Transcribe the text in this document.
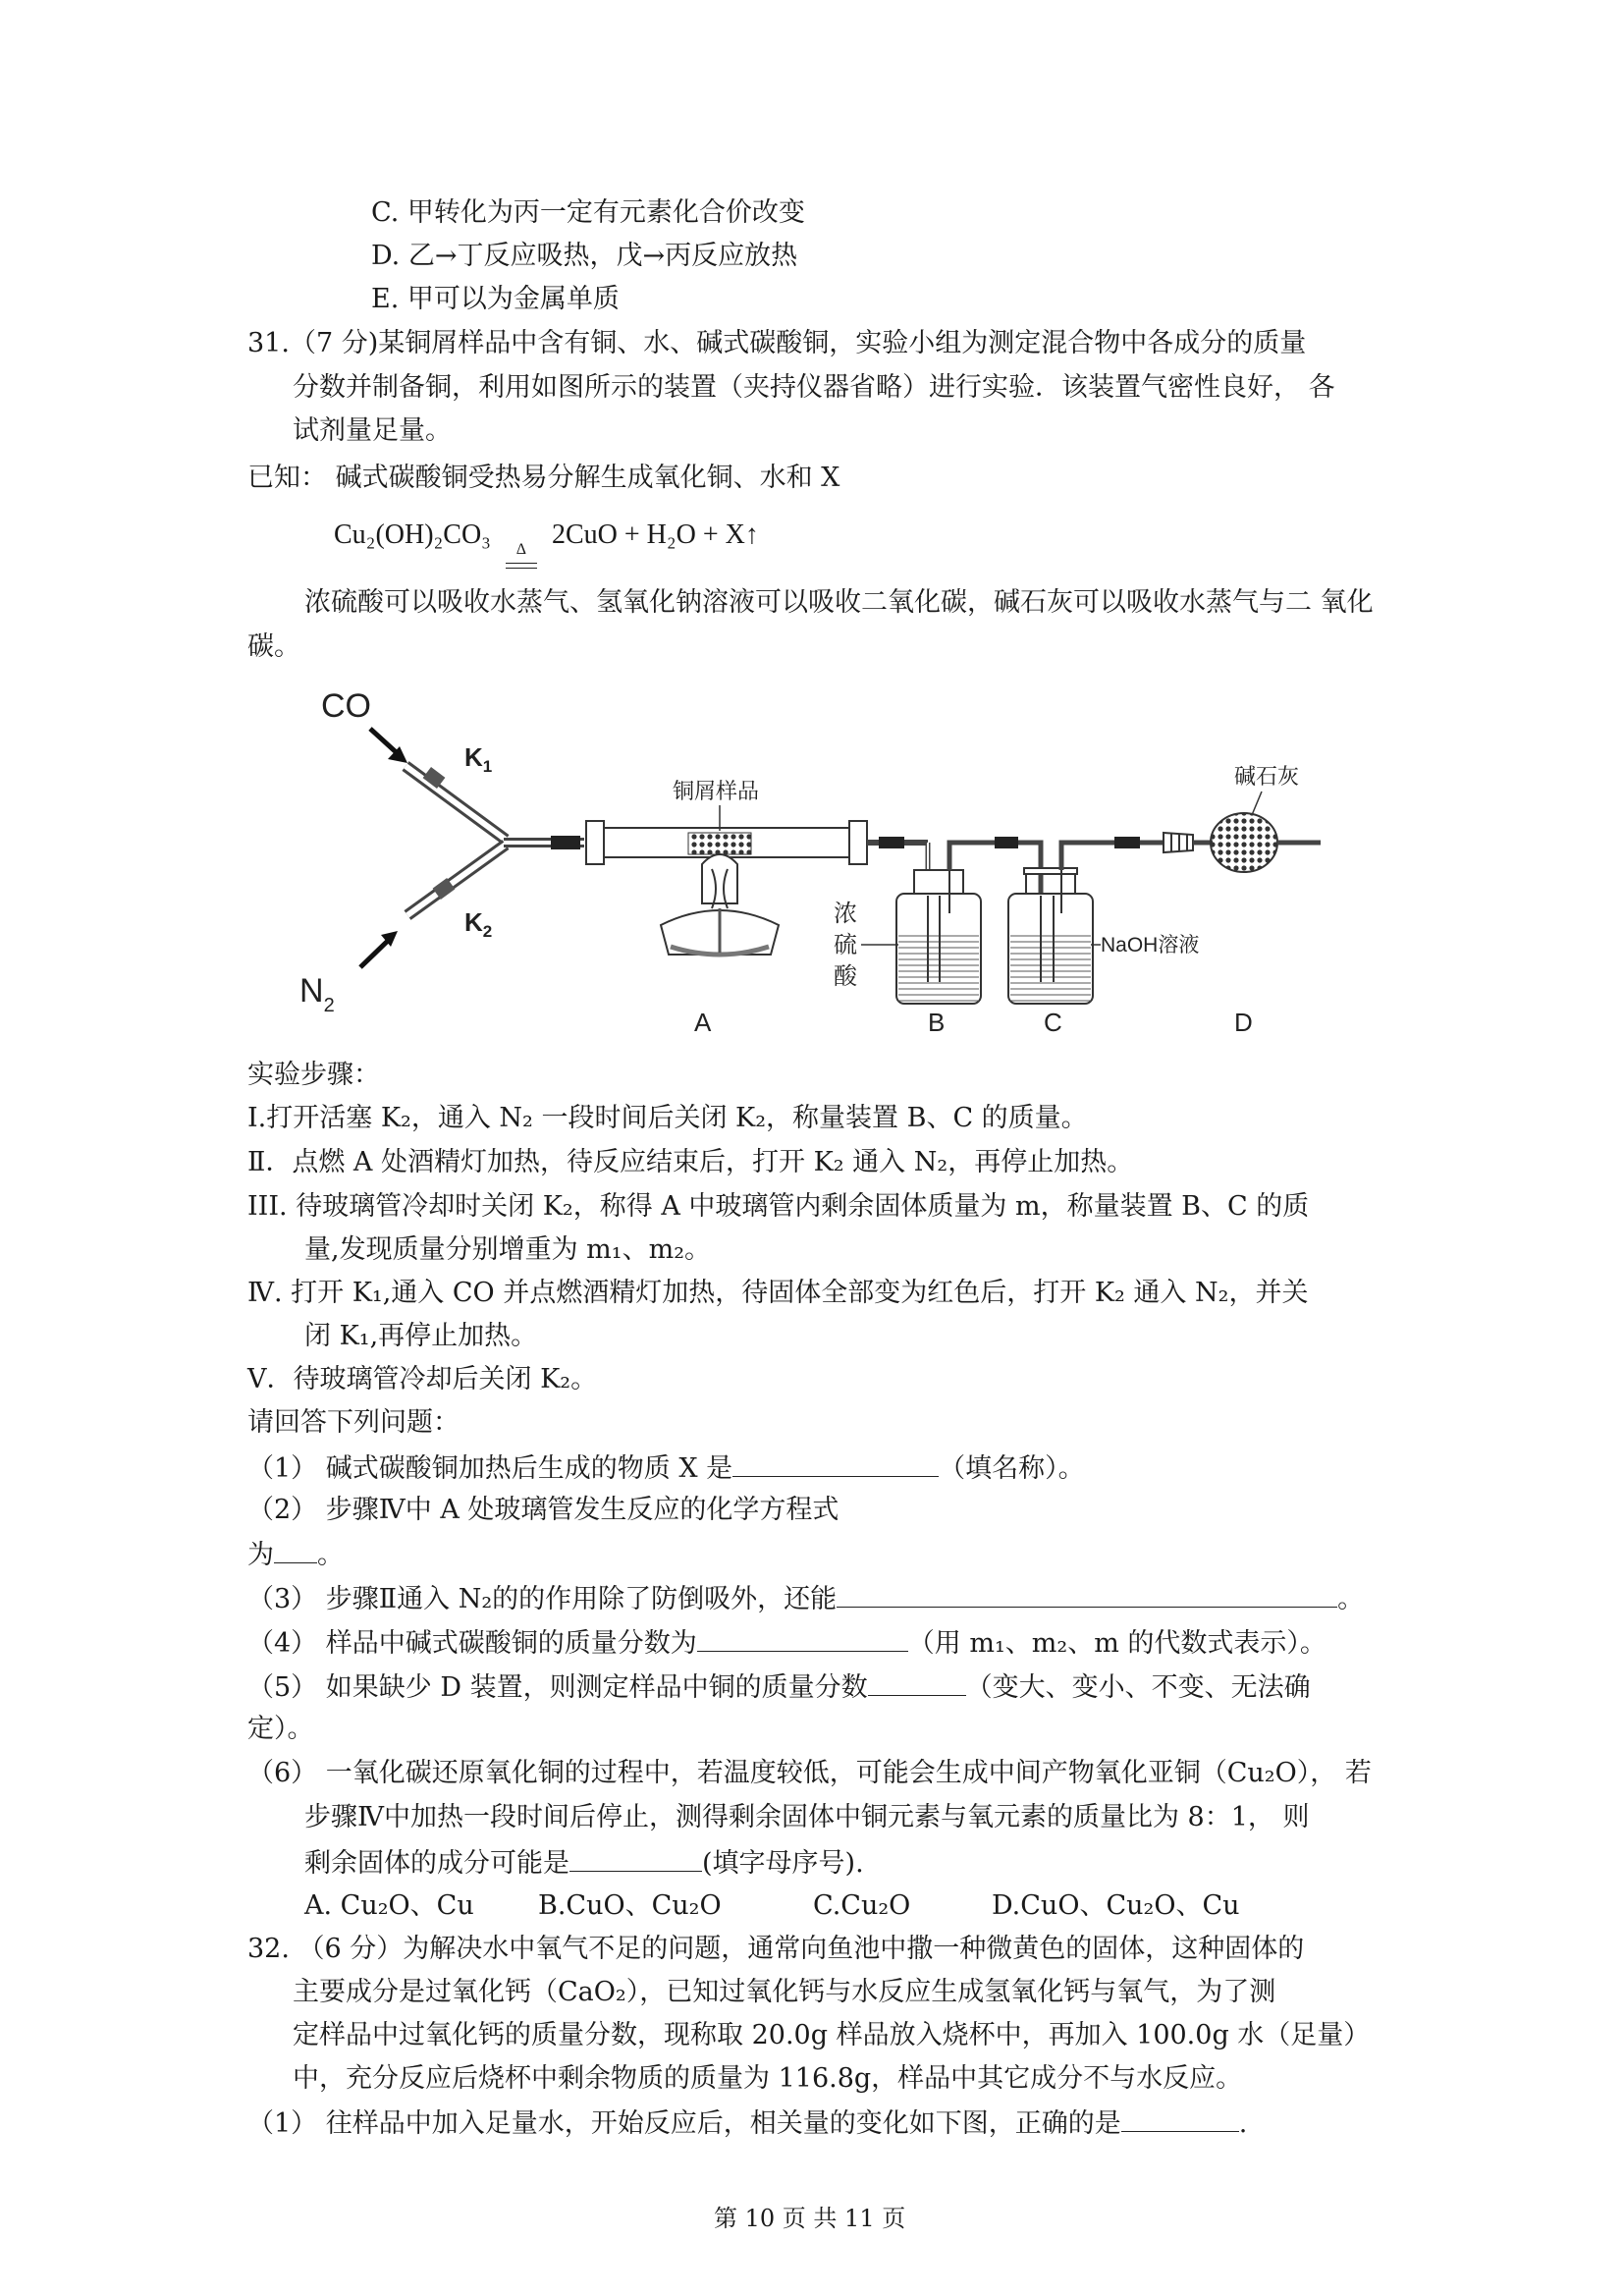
C. 甲转化为丙一定有元素化合价改变
D. 乙→丁反应吸热，戊→丙反应放热
E. 甲可以为金属单质
31.（7 分)某铜屑样品中含有铜、水、碱式碳酸铜，实验小组为测定混合物中各成分的质量
分数并制备铜，利用如图所示的装置（夹持仪器省略）进行实验．该装置气密性良好， 各
试剂量足量。
已知： 碱式碳酸铜受热易分解生成氧化铜、水和 X
Cu₂(OH)₂CO₃	Δ 2CuO + H₂O + X↑
浓硫酸可以吸收水蒸气、氢氧化钠溶液可以吸收二氧化碳，碱石灰可以吸收水蒸气与二 氧化
碳。
CO
$K_1$
$K_2$
$N_2$
铜屑样品
A
浓
硫
酸
B
NaOH溶液
C
碱石灰
D
实验步骤：
Ⅰ.打开活塞 K₂，通入 N₂ 一段时间后关闭 K₂，称量装置 B、C 的质量。
Ⅱ．点燃 A 处酒精灯加热，待反应结束后，打开 K₂ 通入 N₂，再停止加热。
III. 待玻璃管冷却时关闭 K₂，称得 A 中玻璃管内剩余固体质量为 m，称量装置 B、C 的质
量,发现质量分别增重为 m₁、m₂。
Ⅳ. 打开 K₁,通入 CO 并点燃酒精灯加热，待固体全部变为红色后，打开 K₂ 通入 N₂，并关
闭 K₁,再停止加热。
V．待玻璃管冷却后关闭 K₂。
请回答下列问题：
（1） 碱式碳酸铜加热后生成的物质 X 是	（填名称）。
（2） 步骤Ⅳ中 A 处玻璃管发生反应的化学方程式
为 。
（3） 步骤Ⅱ通入 N₂的的作用除了防倒吸外，还能	。
（4） 样品中碱式碳酸铜的质量分数为	（用 m₁、m₂、m 的代数式表示）。
（5） 如果缺少 D 装置，则测定样品中铜的质量分数	（变大、变小、不变、无法确
定）。
（6） 一氧化碳还原氧化铜的过程中，若温度较低，可能会生成中间产物氧化亚铜（Cu₂O）， 若
步骤Ⅳ中加热一段时间后停止，测得剩余固体中铜元素与氧元素的质量比为 8：1， 则
剩余固体的成分可能是	(填字母序号).
A. Cu₂O、Cu B.CuO、Cu₂O	C.Cu₂O	D.CuO、Cu₂O、Cu
32. （6 分）为解决水中氧气不足的问题，通常向鱼池中撒一种微黄色的固体，这种固体的
主要成分是过氧化钙（CaO₂），已知过氧化钙与水反应生成氢氧化钙与氧气，为了测
定样品中过氧化钙的质量分数，现称取 20.0g 样品放入烧杯中，再加入 100.0g 水（足量）
中，充分反应后烧杯中剩余物质的质量为 116.8g，样品中其它成分不与水反应。
（1） 往样品中加入足量水，开始反应后，相关量的变化如下图，正确的是	.
第 10 页 共 11 页
